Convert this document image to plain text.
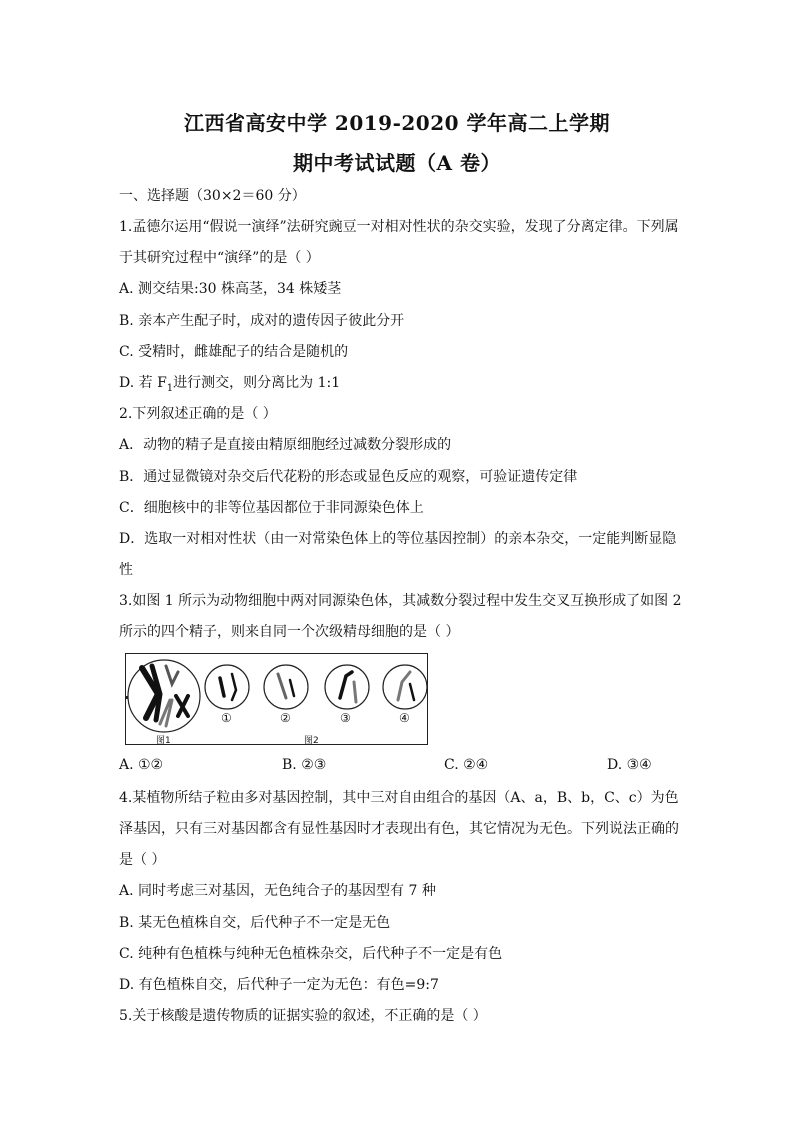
江西省高安中学 2019-2020 学年高二上学期
期中考试试题（A 卷）
一、选择题（30×2＝60 分）
1.孟德尔运用“假说一演绎”法研究豌豆一对相对性状的杂交实验，发现了分离定律。下列属
于其研究过程中“演绎”的是（ ）
A. 测交结果:30 株高茎，34 株矮茎
B. 亲本产生配子时，成对的遗传因子彼此分开
C. 受精时，雌雄配子的结合是随机的
D. 若 $F_1$进行测交，则分离比为 1:1
2.下列叙述正确的是（ ）
A．动物的精子是直接由精原细胞经过减数分裂形成的
B．通过显微镜对杂交后代花粉的形态或显色反应的观察，可验证遗传定律
C．细胞核中的非等位基因都位于非同源染色体上
D．选取一对相对性状（由一对常染色体上的等位基因控制）的亲本杂交，一定能判断显隐
性
3.如图 1 所示为动物细胞中两对同源染色体，其减数分裂过程中发生交叉互换形成了如图 2
所示的四个精子，则来自同一个次级精母细胞的是（ ）
图1	图2
①	②	③	④
A. ①②	B. ②③	C. ②④	D. ③④
4.某植物所结子粒由多对基因控制，其中三对自由组合的基因（A、a，B、b，C、c）为色
泽基因，只有三对基因都含有显性基因时才表现出有色，其它情况为无色。下列说法正确的
是（ ）
A. 同时考虑三对基因，无色纯合子的基因型有 7 种
B. 某无色植株自交，后代种子不一定是无色
C. 纯种有色植株与纯种无色植株杂交，后代种子不一定是有色
D. 有色植株自交，后代种子一定为无色：有色=9:7
5.关于核酸是遗传物质的证据实验的叙述，不正确的是（ ）
